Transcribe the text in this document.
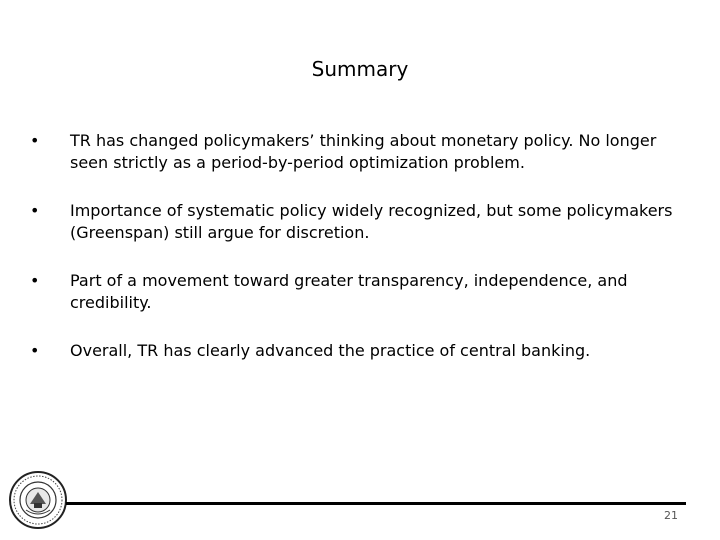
Summary
•	TR has changed policymakers’ thinking about monetary policy. No longer seen strictly as a period-by-period optimization problem.
•	Importance of systematic policy widely recognized, but some policymakers (Greenspan) still argue for discretion.
•	Part of a movement toward greater transparency, independence, and credibility.
•	Overall, TR has clearly advanced the practice of central banking.
21
